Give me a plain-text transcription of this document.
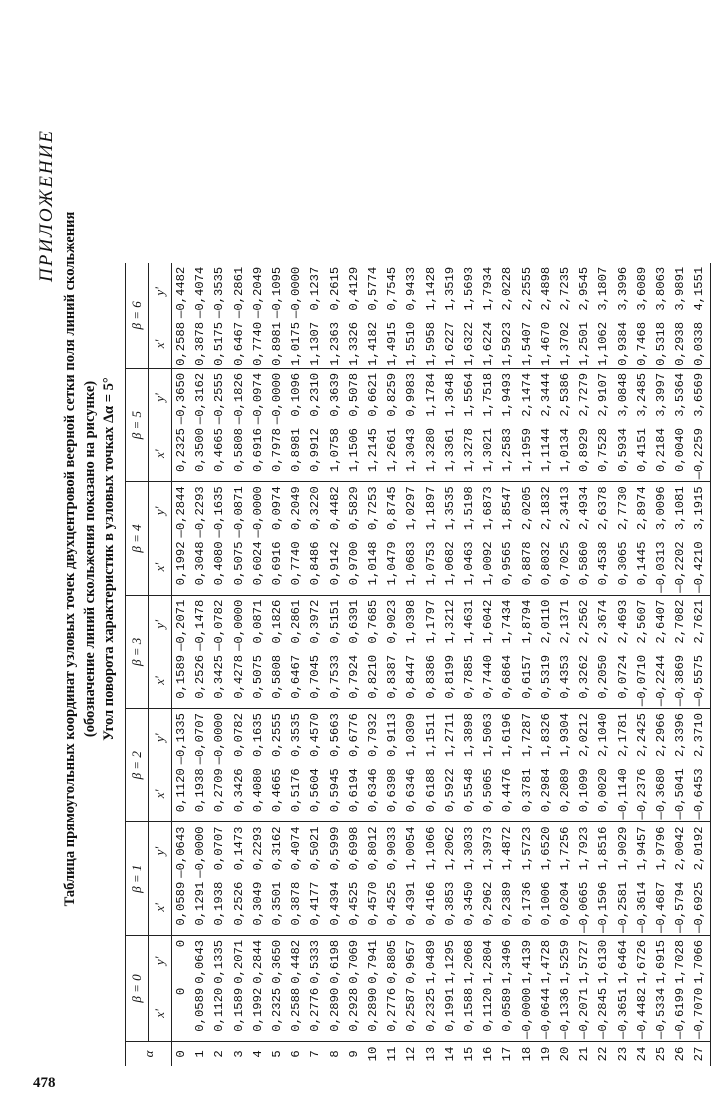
478
ПРИЛОЖЕНИЕ
Таблица прямоугольных координат узловых точек двухцентровой веерной сетки поля линий скольжения (обозначение линий скольжения показано на рисунке) Угол поворота характеристик в узловых точках Δα = 5°
α	β = 0		β = 1		β = 2		β = 3		β = 4		β = 5		β = 6	
	x'	y'	x'	y'	x'	y'	x'	y'	x'	y'	x'	y'	x'	y'
0	0	0	0,0589	—0,0643	0,1120	—0,1335	0,1589	—0,2071	0,1992	—0,2844	0,2325	—0,3650	0,2588	—0,4482
1	0,0589	0,0643	0,1291	—0,0000	0,1938	—0,0707	0,2526	—0,1478	0,3048	—0,2293	0,3500	—0,3162	0,3878	—0,4074
2	0,1120	0,1335	0,1938	0,0707	0,2709	—0,0000	0,3425	—0,0782	0,4080	—0,1635	0,4665	—0,2555	0,5175	—0,3535
3	0,1589	0,2071	0,2526	0,1473	0,3426	0,0782	0,4278	—0,0000	0,5075	—0,0871	0,5808	—0,1826	0,6467	—0,2861
4	0,1992	0,2844	0,3049	0,2293	0,4080	0,1635	0,5075	0,0871	0,6024	—0,0000	0,6916	—0,0974	0,7740	—0,2049
5	0,2325	0,3650	0,3501	0,3162	0,4665	0,2555	0,5808	0,1826	0,6916	0,0974	0,7978	—0,0000	0,8981	—0,1095
6	0,2588	0,4482	0,3878	0,4074	0,5176	0,3535	0,6467	0,2861	0,7740	0,2049	0,8981	0,1096	1,0175	—0,0000
7	0,2776	0,5333	0,4177	0,5021	0,5604	0,4570	0,7045	0,3972	0,8486	0,3220	0,9912	0,2310	1,1307	0,1237
8	0,2890	0,6198	0,4394	0,5999	0,5945	0,5663	0,7533	0,5151	0,9142	0,4482	1,0758	0,3639	1,2363	0,2615
9	0,2928	0,7069	0,4525	0,6998	0,6194	0,6776	0,7924	0,6391	0,9700	0,5829	1,1506	0,5078	1,3326	0,4129
10	0,2890	0,7941	0,4570	0,8012	0,6346	0,7932	0,8210	0,7685	1,0148	0,7253	1,2145	0,6621	1,4182	0,5774
11	0,2776	0,8805	0,4525	0,9033	0,6398	0,9113	0,8387	0,9023	1,0479	0,8745	1,2661	0,8259	1,4915	0,7545
12	0,2587	0,9657	0,4391	1,0054	0,6346	1,0309	0,8447	1,0398	1,0683	1,0297	1,3043	0,9983	1,5510	0,9433
13	0,2325	1,0489	0,4166	1,1066	0,6188	1,1511	0,8386	1,1797	1,0753	1,1897	1,3280	1,1784	1,5958	1,1428
14	0,1991	1,1295	0,3853	1,2062	0,5922	1,2711	0,8199	1,3212	1,0682	1,3535	1,3361	1,3648	1,6227	1,3519
15	0,1588	1,2068	0,3450	1,3033	0,5548	1,3898	0,7885	1,4631	1,0463	1,5198	1,3278	1,5564	1,6322	1,5693
16	0,1120	1,2804	0,2962	1,3973	0,5065	1,5063	0,7440	1,6042	1,0092	1,6873	1,3021	1,7518	1,6224	1,7934
17	0,0589	1,3496	0,2389	1,4872	0,4476	1,6196	0,6864	1,7434	0,9565	1,8547	1,2583	1,9493	1,5923	2,0228
18	—0,0000	1,4139	0,1736	1,5723	0,3781	1,7287	0,6157	1,8794	0,8878	2,0205	1,1959	2,1474	1,5407	2,2555
19	—0,0644	1,4728	0,1006	1,6520	0,2984	1,8326	0,5319	2,0110	0,8032	2,1832	1,1144	2,3444	1,4670	2,4898
20	—0,1336	1,5259	0,0204	1,7256	0,2089	1,9304	0,4353	2,1371	0,7025	2,3413	1,0134	2,5386	1,3702	2,7235
21	—0,2071	1,5727	—0,0665	1,7923	0,1099	2,0212	0,3262	2,2562	0,5860	2,4934	0,8929	2,7279	1,2501	2,9545
22	—0,2845	1,6130	—0,1596	1,8516	0,0020	2,1040	0,2050	2,3674	0,4538	2,6378	0,7528	2,9107	1,1062	3,1807
23	—0,3651	1,6464	—0,2581	1,9029	—0,1140	2,1781	0,0724	2,4693	0,3065	2,7730	0,5934	3,0848	0,9384	3,3996
24	—0,4482	1,6726	—0,3614	1,9457	—0,2376	2,2425	—0,0710	2,5607	0,1445	2,8974	0,4151	3,2485	0,7468	3,6089
25	—0,5334	1,6915	—0,4687	1,9796	—0,3680	2,2966	—0,2244	2,6407	—0,0313	3,0096	0,2184	3,3997	0,5318	3,8063
26	—0,6199	1,7028	—0,5794	2,0042	—0,5041	2,3396	—0,3869	2,7082	—0,2202	3,1081	0,0040	3,5364	0,2938	3,9891
27	—0,7070	1,7066	—0,6925	2,0192	—0,6453	2,3710	—0,5575	2,7621	—0,4210	3,1915	—0,2259	3,6569	0,0338	4,1551
